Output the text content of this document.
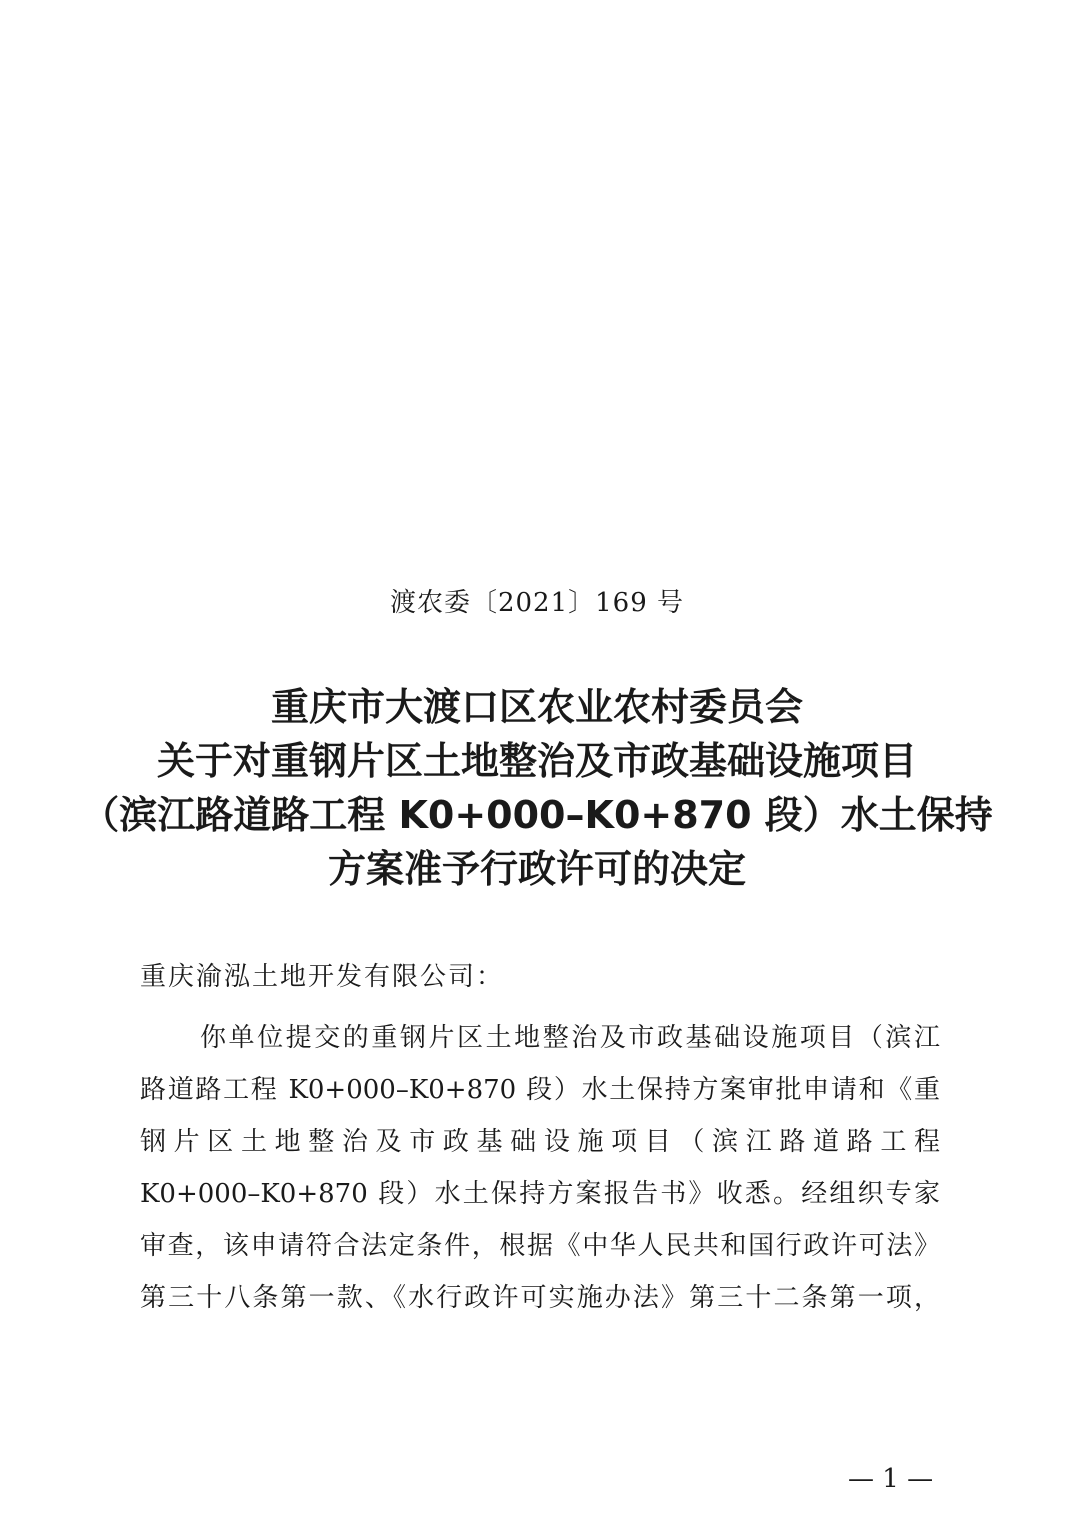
渡农委〔2021〕169 号
重庆市大渡口区农业农村委员会
关于对重钢片区土地整治及市政基础设施项目
（滨江路道路工程 K0+000–K0+870 段）水土保持
方案准予行政许可的决定
重庆渝泓土地开发有限公司：
你单位提交的重钢片区土地整治及市政基础设施项目（滨江
路道路工程 K0+000–K0+870 段）水土保持方案审批申请和《重
钢片区土地整治及市政基础设施项目（滨江路道路工程
K0+000–K0+870 段）水土保持方案报告书》收悉。经组织专家
审查，该申请符合法定条件，根据《中华人民共和国行政许可法》
第三十八条第一款、《水行政许可实施办法》第三十二条第一项，
— 1 —
